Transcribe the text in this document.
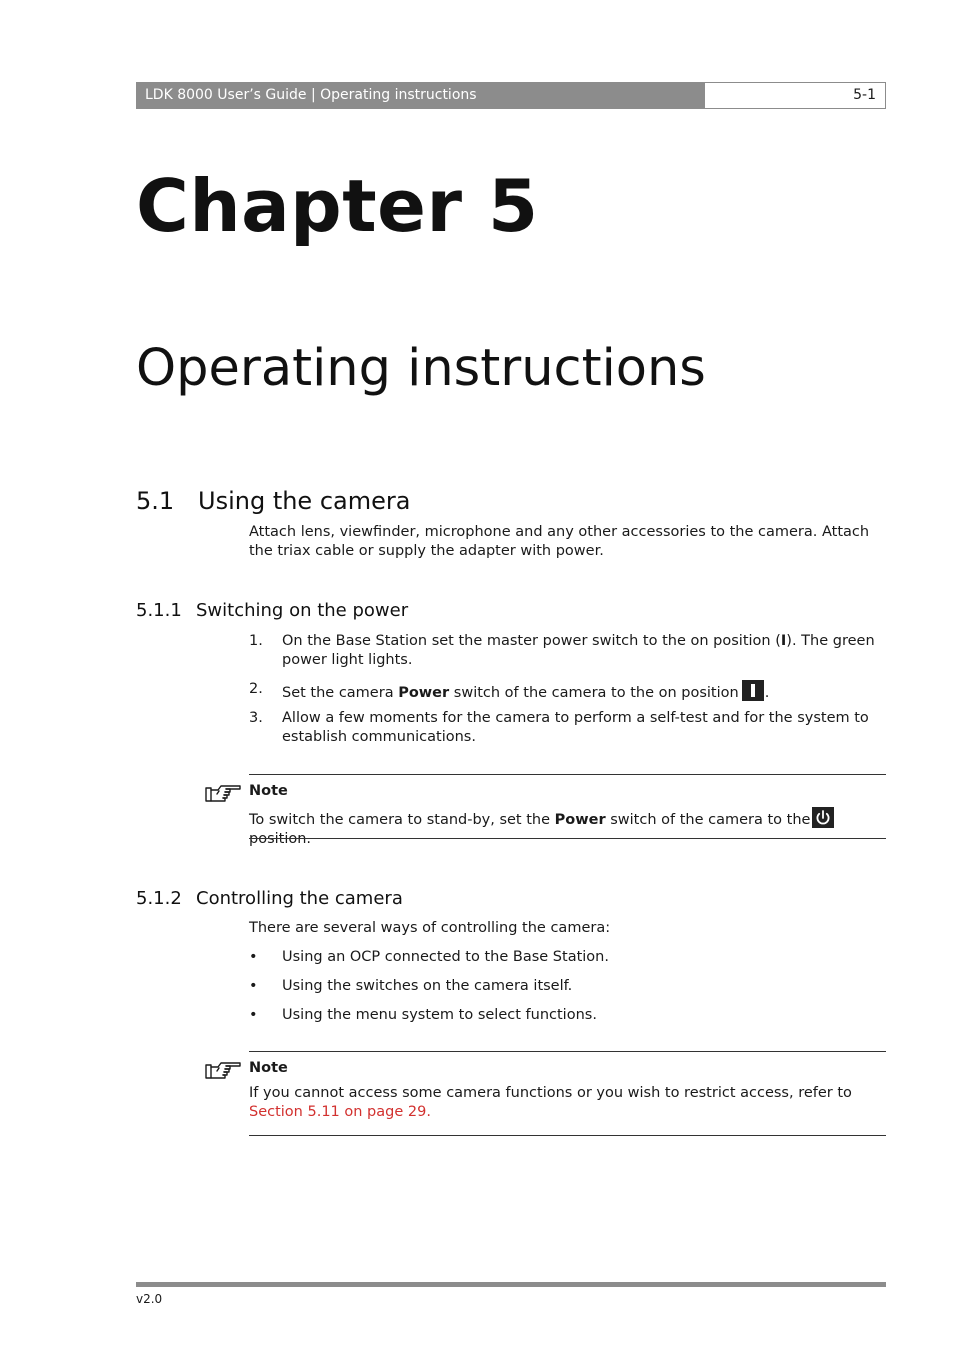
LDK 8000 User’s Guide | Operating instructions	5-1
Chapter 5
Operating instructions
5.1 Using the camera
Attach lens, viewfinder, microphone and any other accessories to the camera. Attach the triax cable or supply the adapter with power.
5.1.1 Switching on the power
1. On the Base Station set the master power switch to the on position (I). The green power light lights.
2. Set the camera Power switch of the camera to the on position .
3. Allow a few moments for the camera to perform a self-test and for the system to establish communications.
Note
To switch the camera to stand-by, set the Power switch of the camera to the position.
5.1.2 Controlling the camera
There are several ways of controlling the camera:
• Using an OCP connected to the Base Station.
• Using the switches on the camera itself.
• Using the menu system to select functions.
Note
If you cannot access some camera functions or you wish to restrict access, refer to
Section 5.11 on page 29.
v2.0
